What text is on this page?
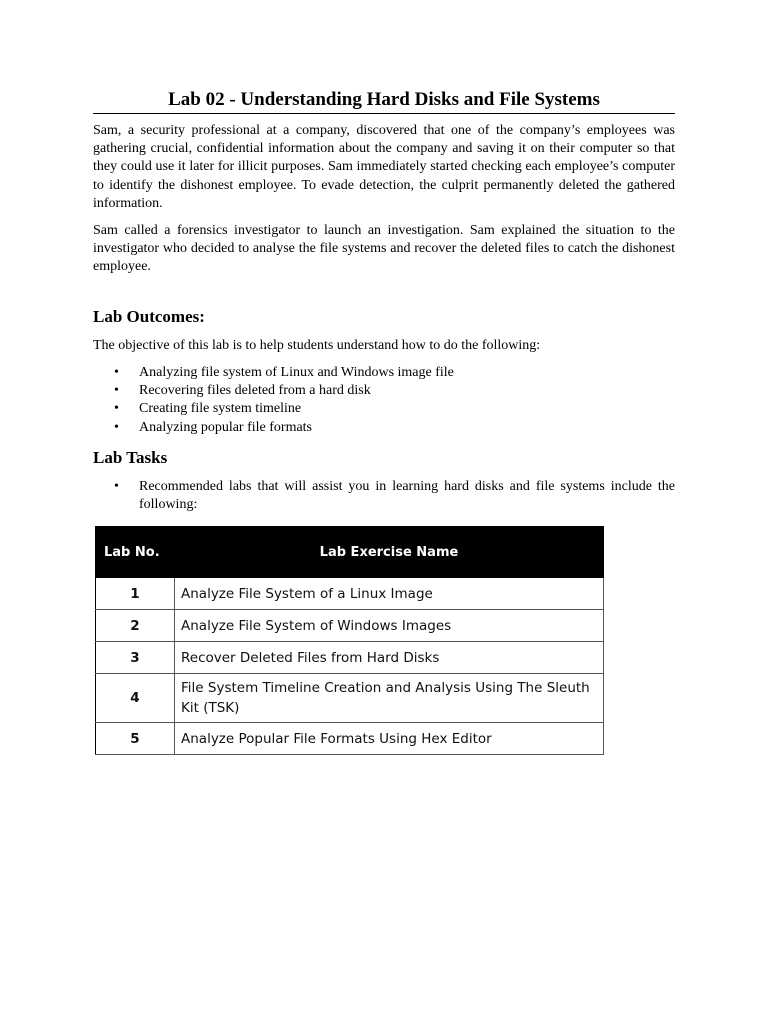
Lab 02 - Understanding Hard Disks and File Systems

Sam, a security professional at a company, discovered that one of the company’s employees was gathering crucial, confidential information about the company and saving it on their computer so that they could use it later for illicit purposes. Sam immediately started checking each employee’s computer to identify the dishonest employee. To evade detection, the culprit permanently deleted the gathered information.

Sam called a forensics investigator to launch an investigation. Sam explained the situation to the investigator who decided to analyse the file systems and recover the deleted files to catch the dishonest employee.

Lab Outcomes:

The objective of this lab is to help students understand how to do the following:

• Analyzing file system of Linux and Windows image file
• Recovering files deleted from a hard disk
• Creating file system timeline
• Analyzing popular file formats
Lab Tasks
• Recommended labs that will assist you in learning hard disks and file systems include the following:
Lab No.	Lab Exercise Name
1	Analyze File System of a Linux Image
2	Analyze File System of Windows Images
3	Recover Deleted Files from Hard Disks
4	File System Timeline Creation and Analysis Using The Sleuth Kit (TSK)
5	Analyze Popular File Formats Using Hex Editor
